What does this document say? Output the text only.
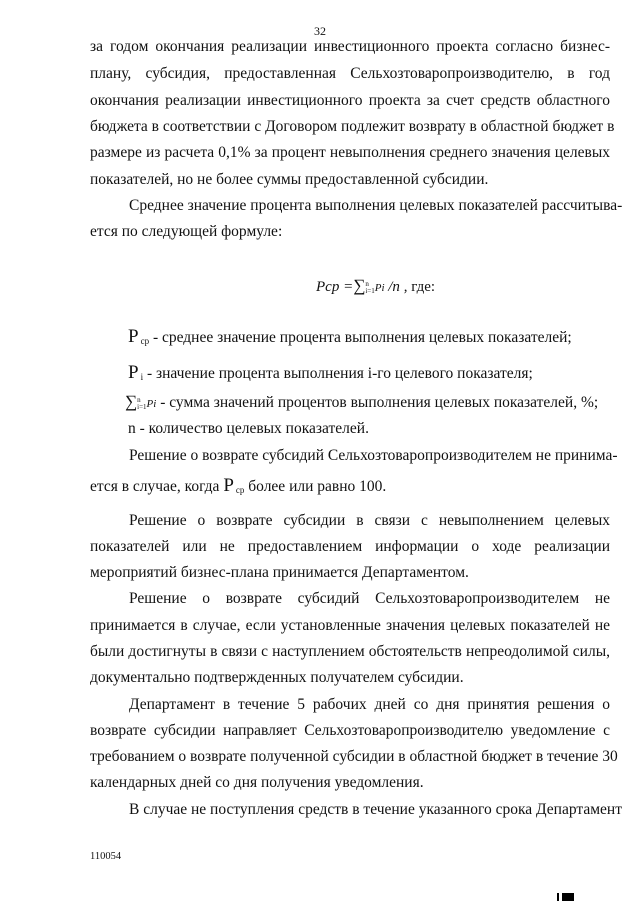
32
за годом окончания реализации инвестиционного проекта согласно бизнес-
плану, субсидия, предоставленная Сельхозтоваропроизводителю, в год
окончания реализации инвестиционного проекта за счет средств областного
бюджета в соответствии с Договором подлежит возврату в областной бюджет в
размере из расчета 0,1% за процент невыполнения среднего значения целевых
показателей, но не более суммы предоставленной субсидии.
Среднее значение процента выполнения целевых показателей рассчитыва-
ется по следующей формуле:
Pcp =∑n
i=1Pi /n , где:
P $_{ср}$ - среднее значение процента выполнения целевых показателей;
P $_i$ - значение процента выполнения i-го целевого показателя;
∑n
i=1Pi - сумма значений процентов выполнения целевых показателей, %;
n - количество целевых показателей.
Решение о возврате субсидий Сельхозтоваропроизводителем не принима-
ется в случае, когда P $_{ср}$ более или равно 100.
Решение о возврате субсидии в связи с невыполнением целевых
показателей или не предоставлением информации о ходе реализации
мероприятий бизнес-плана принимается Департаментом.
Решение о возврате субсидий Сельхозтоваропроизводителем не
принимается в случае, если установленные значения целевых показателей не
были достигнуты в связи с наступлением обстоятельств непреодолимой силы,
документально подтвержденных получателем субсидии.
Департамент в течение 5 рабочих дней со дня принятия решения о
возврате субсидии направляет Сельхозтоваропроизводителю уведомление с
требованием о возврате полученной субсидии в областной бюджет в течение 30
календарных дней со дня получения уведомления.
В случае не поступления средств в течение указанного срока Департамент
110054
